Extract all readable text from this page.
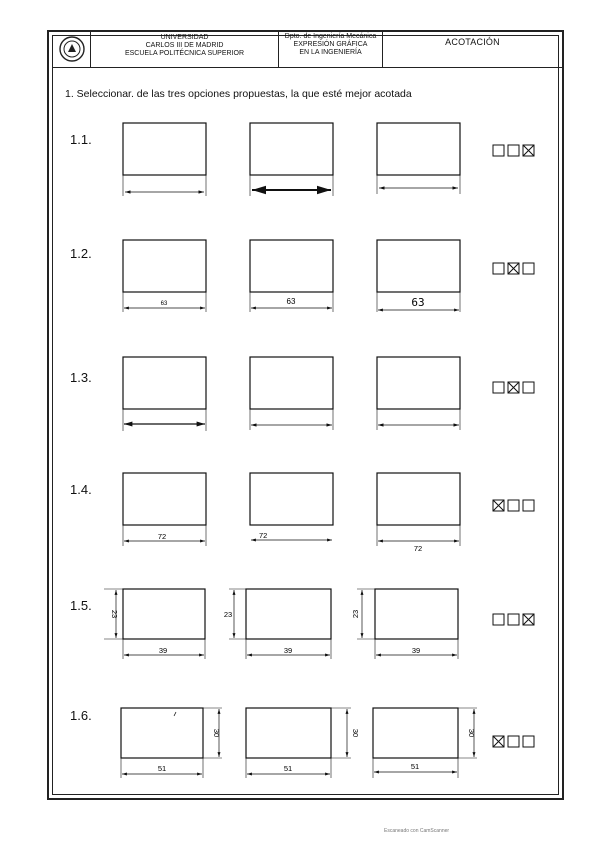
UNIVERSIDAD
CARLOS III DE MADRID
ESCUELA POLITÉCNICA SUPERIOR
Dpto. de Ingeniería Mecánica
EXPRESIÓN GRÁFICA
EN LA INGENIERÍA
ACOTACIÓN
1. Seleccionar. de las tres opciones propuestas, la que esté mejor acotada
1.1.
1.2.
1.3.
1.4.
1.5.
1.6.
63	63	63
72	72
72
39	39	39
23	23	23
51	51	51
30	30	30
Escaneado con CamScanner
